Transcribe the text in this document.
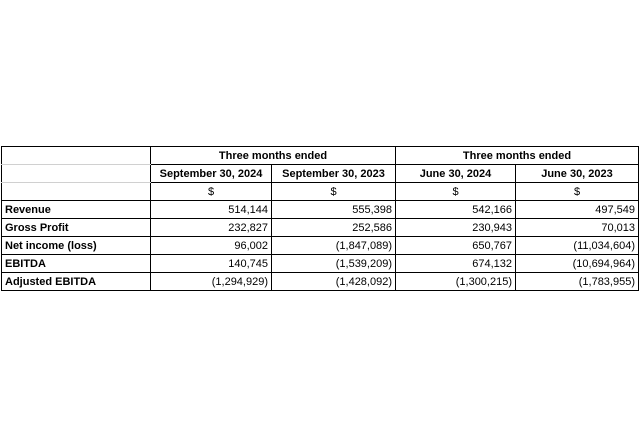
	Three months ended		Three months ended	
	September 30, 2024	September 30, 2023	June 30, 2024	June 30, 2023
	$	$	$	$
Revenue	514,144	555,398	542,166	497,549
Gross Profit	232,827	252,586	230,943	70,013
Net income (loss)	96,002	(1,847,089)	650,767	(11,034,604)
EBITDA	140,745	(1,539,209)	674,132	(10,694,964)
Adjusted EBITDA	(1,294,929)	(1,428,092)	(1,300,215)	(1,783,955)
